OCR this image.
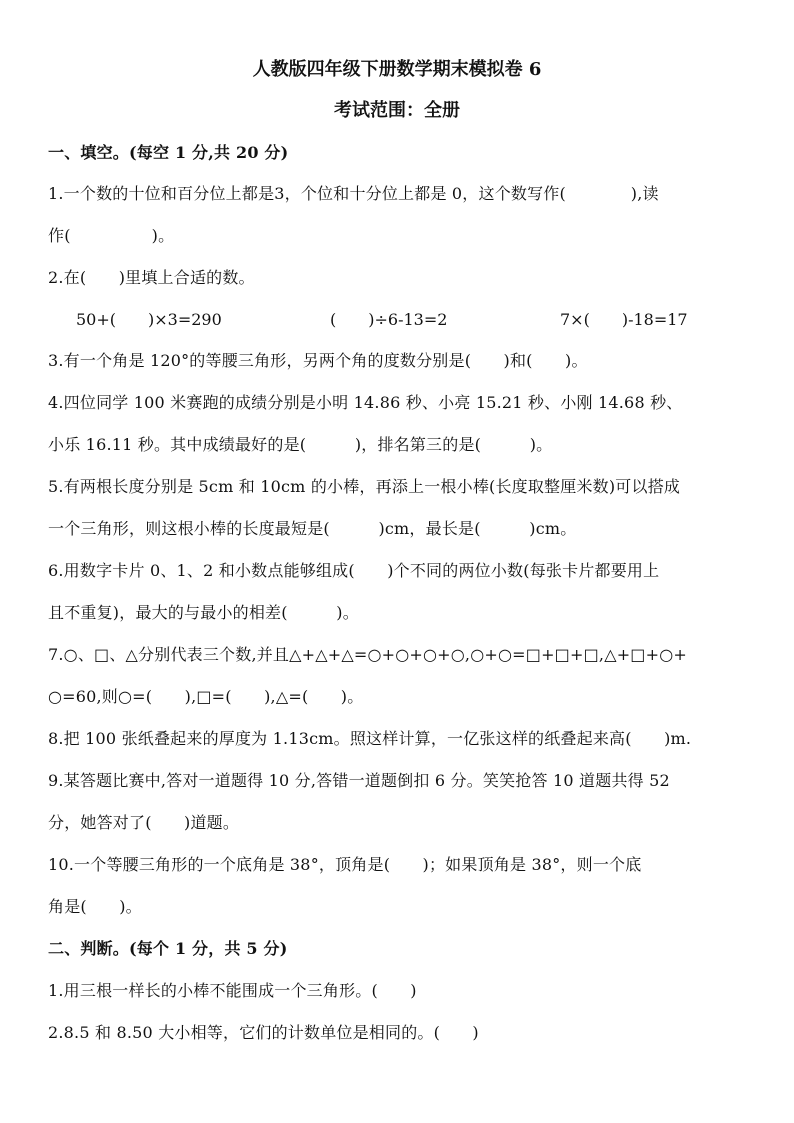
人教版四年级下册数学期末模拟卷 6
考试范围：全册
一、填空。(每空 1 分,共 20 分)
1.一个数的十位和百分位上都是3，个位和十分位上都是 0，这个数写作(　　　　),读
作(　　　　　)。
2.在(　　)里填上合适的数。
50+(　　)×3=290	(　　)÷6-13=2	7×(　　)-18=17
3.有一个角是 120°的等腰三角形，另两个角的度数分别是(　　)和(　　)。
4.四位同学 100 米赛跑的成绩分别是小明 14.86 秒、小亮 15.21 秒、小刚 14.68 秒、
小乐 16.11 秒。其中成绩最好的是(　　　)，排名第三的是(　　　)。
5.有两根长度分别是 5cm 和 10cm 的小棒，再添上一根小棒(长度取整厘米数)可以搭成
一个三角形，则这根小棒的长度最短是(　　　)cm，最长是(　　　)cm。
6.用数字卡片 0、1、2 和小数点能够组成(　　)个不同的两位小数(每张卡片都要用上
且不重复)，最大的与最小的相差(　　　)。
7.○、□、△分别代表三个数,并且△+△+△=○+○+○+○,○+○=□+□+□,△+□+○+
○=60,则○=(　　),□=(　　),△=(　　)。
8.把 100 张纸叠起来的厚度为 1.13cm。照这样计算，一亿张这样的纸叠起来高(　　)m.
9.某答题比赛中,答对一道题得 10 分,答错一道题倒扣 6 分。笑笑抢答 10 道题共得 52
分，她答对了(　　)道题。
10.一个等腰三角形的一个底角是 38°，顶角是(　　)；如果顶角是 38°，则一个底
角是(　　)。
二、判断。(每个 1 分，共 5 分)
1.用三根一样长的小棒不能围成一个三角形。(　　)
2.8.5 和 8.50 大小相等，它们的计数单位是相同的。(　　)
